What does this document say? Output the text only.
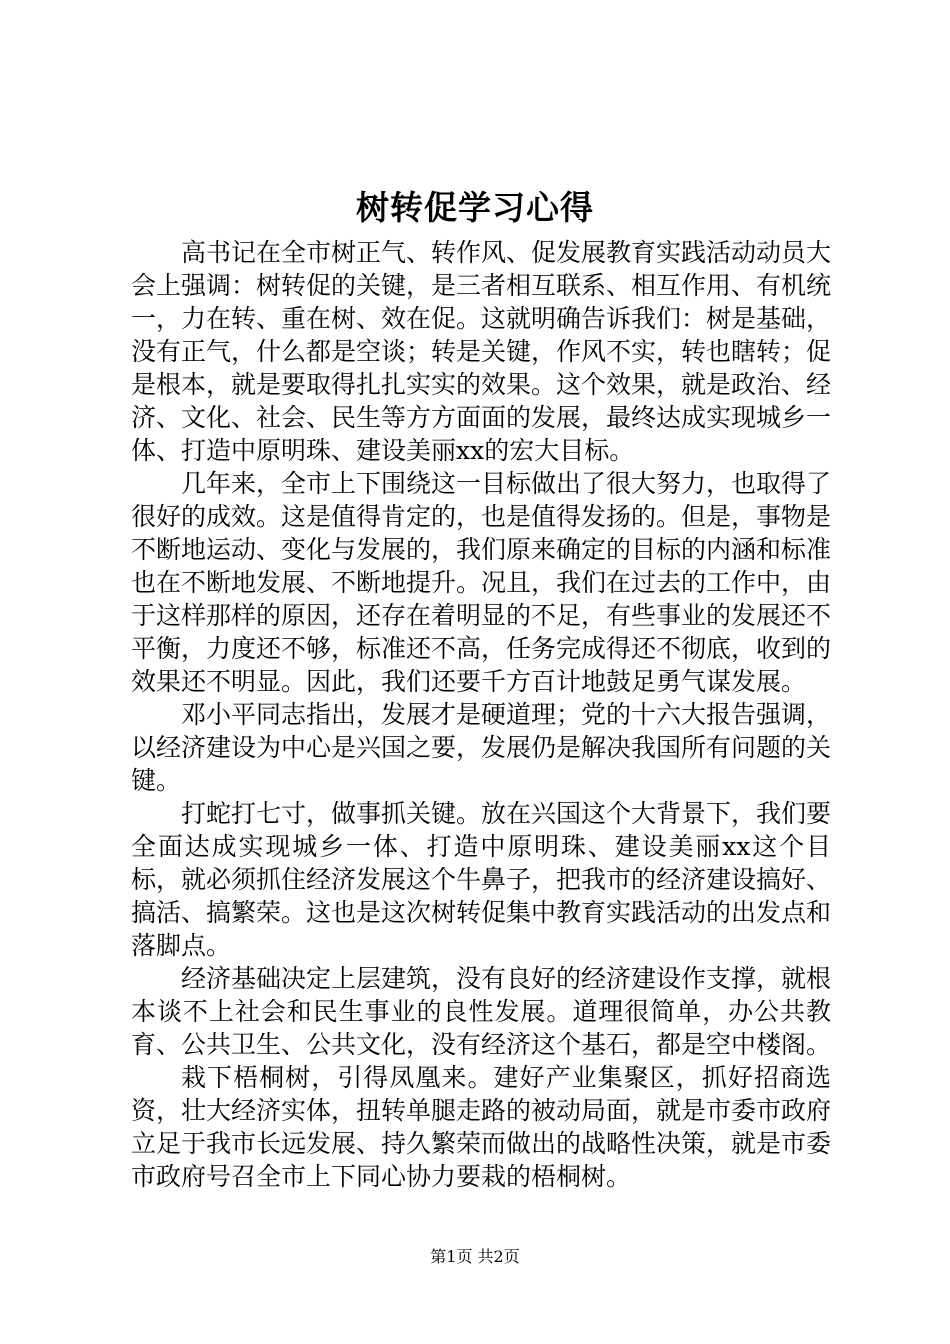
树转促学习心得

高书记在全市树正气、转作风、促发展教育实践活动动员大会上强调：树转促的关键，是三者相互联系、相互作用、有机统一，力在转、重在树、效在促。这就明确告诉我们：树是基础，没有正气，什么都是空谈；转是关键，作风不实，转也瞎转；促是根本，就是要取得扎扎实实的效果。这个效果，就是政治、经济、文化、社会、民生等方方面面的发展，最终达成实现城乡一体、打造中原明珠、建设美丽xx的宏大目标。

几年来，全市上下围绕这一目标做出了很大努力，也取得了很好的成效。这是值得肯定的，也是值得发扬的。但是，事物是不断地运动、变化与发展的，我们原来确定的目标的内涵和标准也在不断地发展、不断地提升。况且，我们在过去的工作中，由于这样那样的原因，还存在着明显的不足，有些事业的发展还不平衡，力度还不够，标准还不高，任务完成得还不彻底，收到的效果还不明显。因此，我们还要千方百计地鼓足勇气谋发展。

邓小平同志指出，发展才是硬道理；党的十六大报告强调，以经济建设为中心是兴国之要，发展仍是解决我国所有问题的关键。

打蛇打七寸，做事抓关键。放在兴国这个大背景下，我们要全面达成实现城乡一体、打造中原明珠、建设美丽xx这个目标，就必须抓住经济发展这个牛鼻子，把我市的经济建设搞好、搞活、搞繁荣。这也是这次树转促集中教育实践活动的出发点和落脚点。

经济基础决定上层建筑，没有良好的经济建设作支撑，就根本谈不上社会和民生事业的良性发展。道理很简单，办公共教育、公共卫生、公共文化，没有经济这个基石，都是空中楼阁。

栽下梧桐树，引得凤凰来。建好产业集聚区，抓好招商选资，壮大经济实体，扭转单腿走路的被动局面，就是市委市政府立足于我市长远发展、持久繁荣而做出的战略性决策，就是市委市政府号召全市上下同心协力要栽的梧桐树。

第1页 共2页
